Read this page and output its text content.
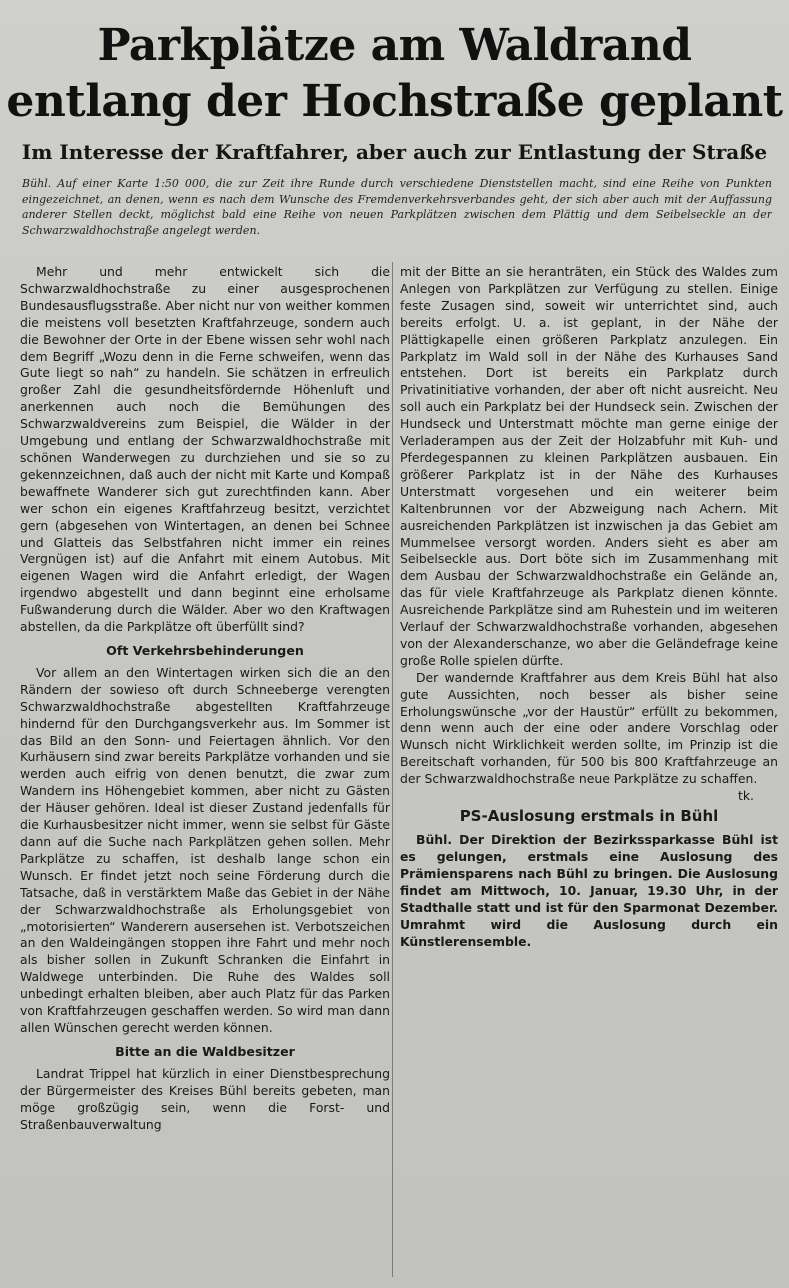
Parkplätze am Waldrand
entlang der Hochstraße geplant
Im Interesse der Kraftfahrer, aber auch zur Entlastung der Straße

Bühl. Auf einer Karte 1:50 000, die zur Zeit ihre Runde durch verschiedene Dienststellen macht, sind eine Reihe von Punkten eingezeichnet, an denen, wenn es nach dem Wunsche des Fremdenverkehrsverbandes geht, der sich aber auch mit der Auffassung anderer Stellen deckt, möglichst bald eine Reihe von neuen Parkplätzen zwischen dem Plättig und dem Seibelseckle an der Schwarzwaldhochstraße angelegt werden.

Mehr und mehr entwickelt sich die Schwarzwaldhochstraße zu einer ausgesprochenen Bundesausflugsstraße. Aber nicht nur von weither kommen die meistens voll besetzten Kraftfahrzeuge, sondern auch die Bewohner der Orte in der Ebene wissen sehr wohl nach dem Begriff „Wozu denn in die Ferne schweifen, wenn das Gute liegt so nah“ zu handeln. Sie schätzen in erfreulich großer Zahl die gesundheitsfördernde Höhenluft und anerkennen auch noch die Bemühungen des Schwarzwaldvereins zum Beispiel, die Wälder in der Umgebung und entlang der Schwarzwaldhochstraße mit schönen Wanderwegen zu durchziehen und sie so zu gekennzeichnen, daß auch der nicht mit Karte und Kompaß bewaffnete Wanderer sich gut zurechtfinden kann. Aber wer schon ein eigenes Kraftfahrzeug besitzt, verzichtet gern (abgesehen von Wintertagen, an denen bei Schnee und Glatteis das Selbstfahren nicht immer ein reines Vergnügen ist) auf die Anfahrt mit einem Autobus. Mit eigenen Wagen wird die Anfahrt erledigt, der Wagen irgendwo abgestellt und dann beginnt eine erholsame Fußwanderung durch die Wälder. Aber wo den Kraftwagen abstellen, da die Parkplätze oft überfüllt sind?

Oft Verkehrsbehinderungen

Vor allem an den Wintertagen wirken sich die an den Rändern der sowieso oft durch Schneeberge verengten Schwarzwaldhochstraße abgestellten Kraftfahrzeuge hindernd für den Durchgangsverkehr aus. Im Sommer ist das Bild an den Sonn- und Feiertagen ähnlich. Vor den Kurhäusern sind zwar bereits Parkplätze vorhanden und sie werden auch eifrig von denen benutzt, die zwar zum Wandern ins Höhengebiet kommen, aber nicht zu Gästen der Häuser gehören. Ideal ist dieser Zustand jedenfalls für die Kurhausbesitzer nicht immer, wenn sie selbst für Gäste dann auf die Suche nach Parkplätzen gehen sollen. Mehr Parkplätze zu schaffen, ist deshalb lange schon ein Wunsch. Er findet jetzt noch seine Förderung durch die Tatsache, daß in verstärktem Maße das Gebiet in der Nähe der Schwarzwaldhochstraße als Erholungsgebiet von „motorisierten“ Wanderern ausersehen ist. Verbotszeichen an den Waldeingängen stoppen ihre Fahrt und mehr noch als bisher sollen in Zukunft Schranken die Einfahrt in Waldwege unterbinden. Die Ruhe des Waldes soll unbedingt erhalten bleiben, aber auch Platz für das Parken von Kraftfahrzeugen geschaffen werden. So wird man dann allen Wünschen gerecht werden können.

Bitte an die Waldbesitzer

Landrat Trippel hat kürzlich in einer Dienstbesprechung der Bürgermeister des Kreises Bühl bereits gebeten, man möge großzügig sein, wenn die Forst- und Straßenbauverwaltung

mit der Bitte an sie heranträten, ein Stück des Waldes zum Anlegen von Parkplätzen zur Verfügung zu stellen. Einige feste Zusagen sind, soweit wir unterrichtet sind, auch bereits erfolgt. U. a. ist geplant, in der Nähe der Plättigkapelle einen größeren Parkplatz anzulegen. Ein Parkplatz im Wald soll in der Nähe des Kurhauses Sand entstehen. Dort ist bereits ein Parkplatz durch Privatinitiative vorhanden, der aber oft nicht ausreicht. Neu soll auch ein Parkplatz bei der Hundseck sein. Zwischen der Hundseck und Unterstmatt möchte man gerne einige der Verladerampen aus der Zeit der Holzabfuhr mit Kuh- und Pferdegespannen zu kleinen Parkplätzen ausbauen. Ein größerer Parkplatz ist in der Nähe des Kurhauses Unterstmatt vorgesehen und ein weiterer beim Kaltenbrunnen vor der Abzweigung nach Achern. Mit ausreichenden Parkplätzen ist inzwischen ja das Gebiet am Mummelsee versorgt worden. Anders sieht es aber am Seibelseckle aus. Dort böte sich im Zusammenhang mit dem Ausbau der Schwarzwaldhochstraße ein Gelände an, das für viele Kraftfahrzeuge als Parkplatz dienen könnte. Ausreichende Parkplätze sind am Ruhestein und im weiteren Verlauf der Schwarzwaldhochstraße vorhanden, abgesehen von der Alexanderschanze, wo aber die Geländefrage keine große Rolle spielen dürfte.

Der wandernde Kraftfahrer aus dem Kreis Bühl hat also gute Aussichten, noch besser als bisher seine Erholungswünsche „vor der Haustür“ erfüllt zu bekommen, denn wenn auch der eine oder andere Vorschlag oder Wunsch nicht Wirklichkeit werden sollte, im Prinzip ist die Bereitschaft vorhanden, für 500 bis 800 Kraftfahrzeuge an der Schwarzwaldhochstraße neue Parkplätze zu schaffen.
tk.

PS-Auslosung erstmals in Bühl

Bühl. Der Direktion der Bezirkssparkasse Bühl ist es gelungen, erstmals eine Auslosung des Prämiensparens nach Bühl zu bringen. Die Auslosung findet am Mittwoch, 10. Januar, 19.30 Uhr, in der Stadthalle statt und ist für den Sparmonat Dezember. Umrahmt wird die Auslosung durch ein Künstlerensemble.
